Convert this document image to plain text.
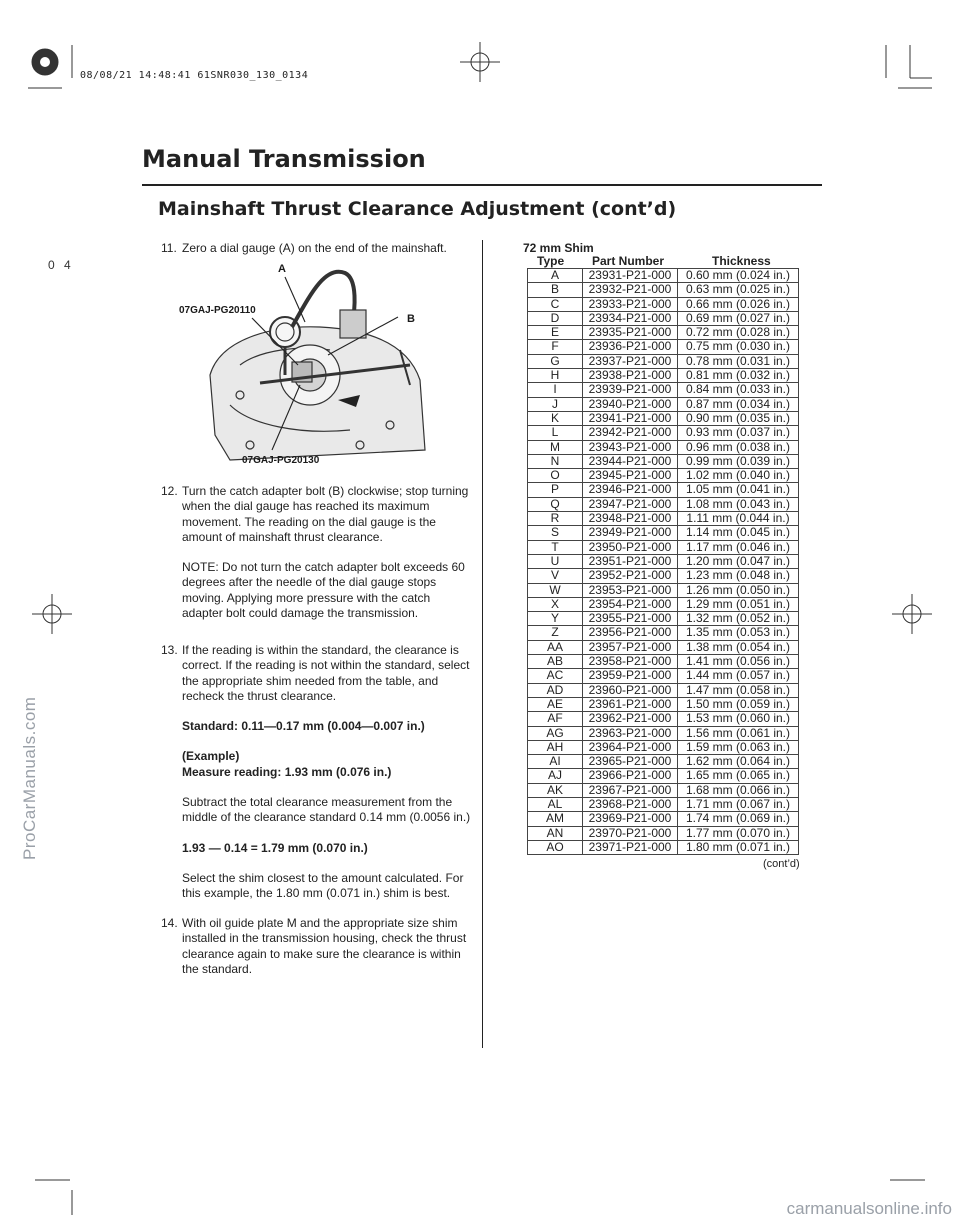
08/08/21 14:48:41 61SNR030_130_0134
Manual Transmission
Mainshaft Thrust Clearance Adjustment (cont’d)
0 4
11. Zero a dial gauge (A) on the end of the mainshaft.

A
B
07GAJ-PG20110
07GAJ-PG20130
12. Turn the catch adapter bolt (B) clockwise; stop turning when the dial gauge has reached its maximum movement. The reading on the dial gauge is the amount of mainshaft thrust clearance.

NOTE: Do not turn the catch adapter bolt exceeds 60 degrees after the needle of the dial gauge stops moving. Applying more pressure with the catch adapter bolt could damage the transmission.

13. If the reading is within the standard, the clearance is correct. If the reading is not within the standard, select the appropriate shim needed from the table, and recheck the thrust clearance.

Standard: 0.11—0.17 mm (0.004—0.007 in.)

(Example)

Measure reading: 1.93 mm (0.076 in.)

Subtract the total clearance measurement from the middle of the clearance standard 0.14 mm (0.0056 in.)

1.93 — 0.14 = 1.79 mm (0.070 in.)

Select the shim closest to the amount calculated. For this example, the 1.80 mm (0.071 in.) shim is best.

14. With oil guide plate M and the appropriate size shim installed in the transmission housing, check the thrust clearance again to make sure the clearance is within the standard.

72 mm Shim
Type Part Number	Thickness
A	23931-P21-000	0.60 mm (0.024 in.)
B	23932-P21-000	0.63 mm (0.025 in.)
C	23933-P21-000	0.66 mm (0.026 in.)
D	23934-P21-000	0.69 mm (0.027 in.)
E	23935-P21-000	0.72 mm (0.028 in.)
F	23936-P21-000	0.75 mm (0.030 in.)
G	23937-P21-000	0.78 mm (0.031 in.)
H	23938-P21-000	0.81 mm (0.032 in.)
I	23939-P21-000	0.84 mm (0.033 in.)
J	23940-P21-000	0.87 mm (0.034 in.)
K	23941-P21-000	0.90 mm (0.035 in.)
L	23942-P21-000	0.93 mm (0.037 in.)
M	23943-P21-000	0.96 mm (0.038 in.)
N	23944-P21-000	0.99 mm (0.039 in.)
O	23945-P21-000	1.02 mm (0.040 in.)
P	23946-P21-000	1.05 mm (0.041 in.)
Q	23947-P21-000	1.08 mm (0.043 in.)
R	23948-P21-000	1.11 mm (0.044 in.)
S	23949-P21-000	1.14 mm (0.045 in.)
T	23950-P21-000	1.17 mm (0.046 in.)
U	23951-P21-000	1.20 mm (0.047 in.)
V	23952-P21-000	1.23 mm (0.048 in.)
W	23953-P21-000	1.26 mm (0.050 in.)
X	23954-P21-000	1.29 mm (0.051 in.)
Y	23955-P21-000	1.32 mm (0.052 in.)
Z	23956-P21-000	1.35 mm (0.053 in.)
AA	23957-P21-000	1.38 mm (0.054 in.)
AB	23958-P21-000	1.41 mm (0.056 in.)
AC	23959-P21-000	1.44 mm (0.057 in.)
AD	23960-P21-000	1.47 mm (0.058 in.)
AE	23961-P21-000	1.50 mm (0.059 in.)
AF	23962-P21-000	1.53 mm (0.060 in.)
AG	23963-P21-000	1.56 mm (0.061 in.)
AH	23964-P21-000	1.59 mm (0.063 in.)
AI	23965-P21-000	1.62 mm (0.064 in.)
AJ	23966-P21-000	1.65 mm (0.065 in.)
AK	23967-P21-000	1.68 mm (0.066 in.)
AL	23968-P21-000	1.71 mm (0.067 in.)
AM	23969-P21-000	1.74 mm (0.069 in.)
AN	23970-P21-000	1.77 mm (0.070 in.)
AO	23971-P21-000	1.80 mm (0.071 in.)
(cont’d)
ProCarManuals.com
carmanualsonline.info
